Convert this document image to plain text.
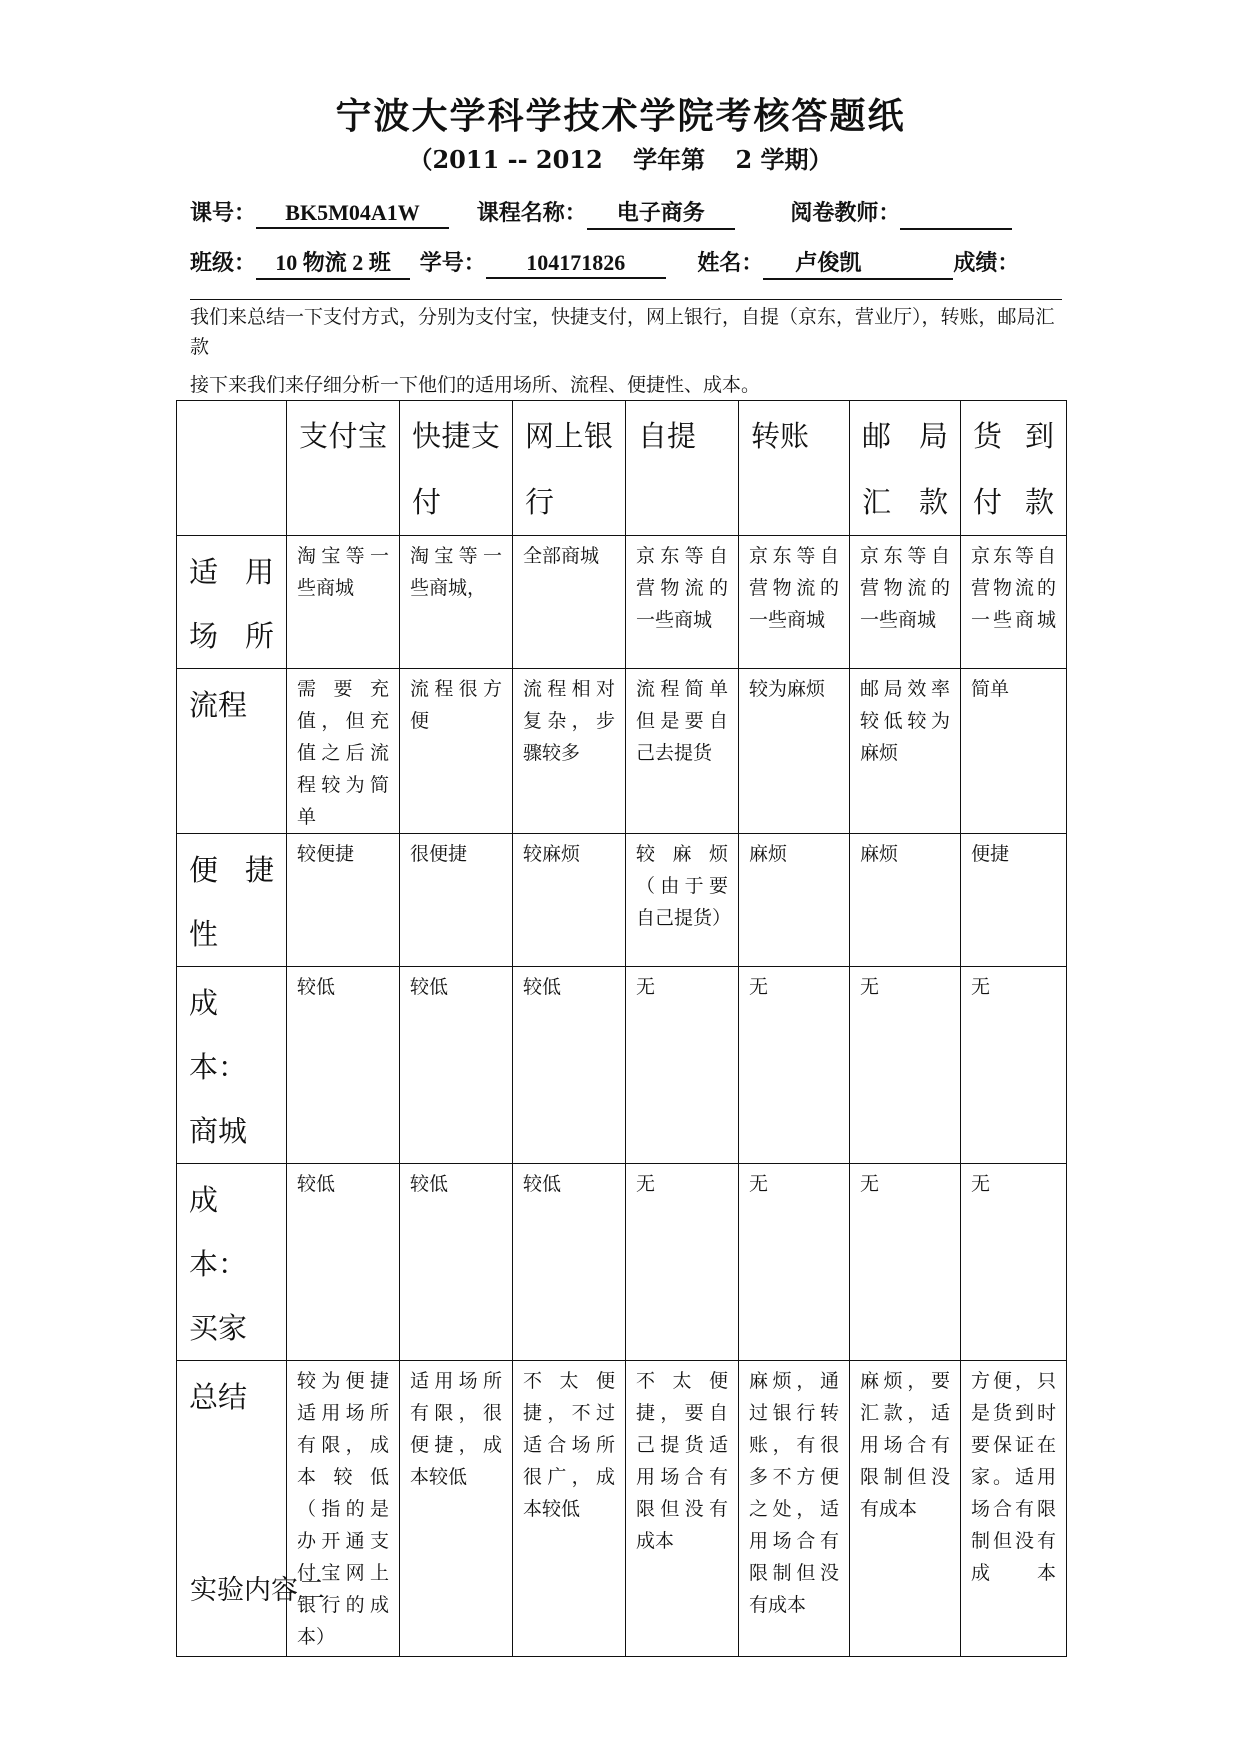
宁波大学科学技术学院考核答题纸
（2011 -- 2012 学年第 2 学期）
课号： BK5M04A1W	课程名称： 电子商务	阅卷教师：
班级： 10 物流 2 班 学号： 104171826	姓名： 卢俊凯	成绩：
我们来总结一下支付方式，分别为支付宝，快捷支付，网上银行，自提（京东，营业厅），转账，邮局汇款
接下来我们来仔细分析一下他们的适用场所、流程、便捷性、成本。
	支付宝	快捷支付	网上银行	自提	转账	邮局汇款	货到付款
适用场所	淘宝等一些商城	淘宝等一些商城，	全部商城	京东等自营物流的一些商城	京东等自营物流的一些商城	京东等自营物流的一些商城	京东等自营物流的一些商城
流程	需要充值，但充值之后流程较为简单	流程很方便	流程相对复杂，步骤较多	流程简单但是要自己去提货	较为麻烦	邮局效率较低较为麻烦	简单
便捷性	较便捷	很便捷	较麻烦	较麻烦（由于要自己提货）	麻烦	麻烦	便捷
成本：商城	较低	较低	较低	无	无	无	无
成本：买家	较低	较低	较低	无	无	无	无
总结	较为便捷适用场所有限，成本较低（指的是办开通支付宝网上银行的成本）	适用场所有限，很便捷，成本较低	不太便捷，不过适合场所很广，成本较低	不太便捷，要自己提货适用场合有限但没有成本	麻烦，通过银行转账，有很多不方便之处，适用场合有限制但没有成本	麻烦，要汇款，适用场合有限制但没有成本	方便，只是货到时要保证在家。适用场合有限制但没有成本
实验内容二
